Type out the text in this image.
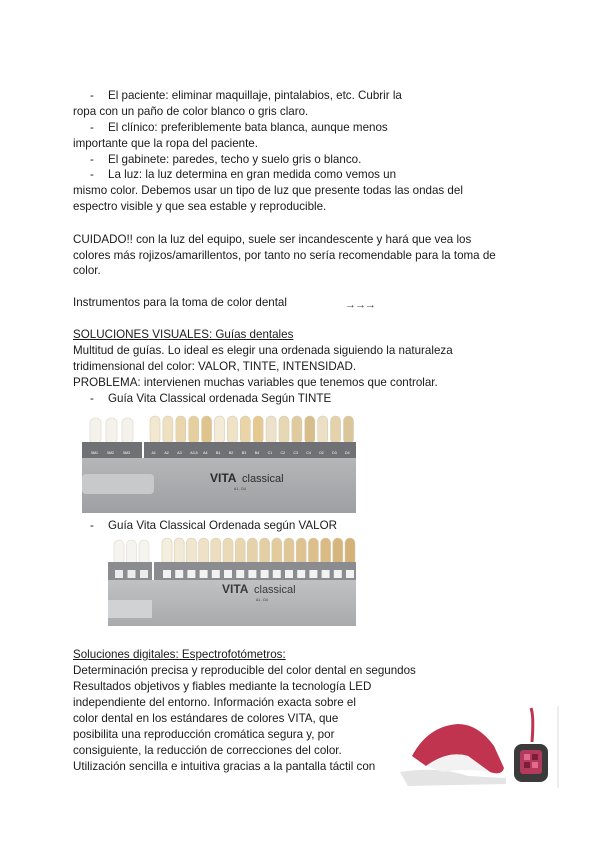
- El paciente: eliminar maquillaje, pintalabios, etc. Cubrir la
ropa con un paño de color blanco o gris claro.
- El clínico: preferiblemente bata blanca, aunque menos
importante que la ropa del paciente.
- El gabinete: paredes, techo y suelo gris o blanco.
- La luz: la luz determina en gran medida como vemos un
mismo color. Debemos usar un tipo de luz que presente todas las ondas del
espectro visible y que sea estable y reproducible.
CUIDADO!! con la luz del equipo, suele ser incandescente y hará que vea los
colores más rojizos/amarillentos, por tanto no sería recomendable para la toma de
color.
Instrumentos para la toma de color dental	→→→
SOLUCIONES VISUALES: Guías dentales
Multitud de guías. Lo ideal es elegir una ordenada siguiendo la naturaleza
tridimensional del color: VALOR, TINTE, INTENSIDAD.
PROBLEMA: intervienen muchas variables que tenemos que controlar.
- Guía Vita Classical ordenada Según TINTE
0M1	0M2	0M3	A1 A2 A3 A3,5 A4 B1 B2 B3 B4 C1 C2 C3 C4 D2 D3 D4
VITA classical
A1 - D4
- Guía Vita Classical Ordenada según VALOR
VITA classical
A1 - D4
Soluciones digitales: Espectrofotómetros:
Determinación precisa y reproducible del color dental en segundos
Resultados objetivos y fiables mediante la tecnología LED
independiente del entorno. Información exacta sobre el
color dental en los estándares de colores VITA, que
posibilita una reproducción cromática segura y, por
consiguiente, la reducción de correcciones del color.
Utilización sencilla e intuitiva gracias a la pantalla táctil con
